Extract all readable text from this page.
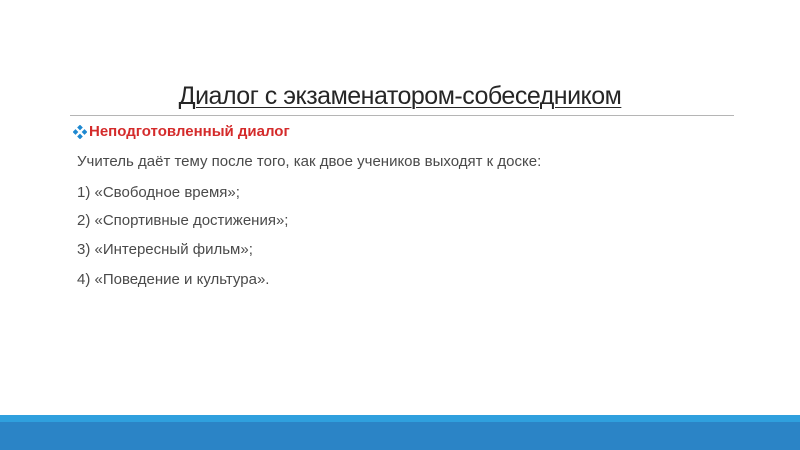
Диалог с экзаменатором-собеседником
Неподготовленный диалог
Учитель даёт тему после того, как двое учеников выходят к доске:
1) «Свободное время»;
2) «Спортивные достижения»;
3) «Интересный фильм»;
4) «Поведение и культура».
